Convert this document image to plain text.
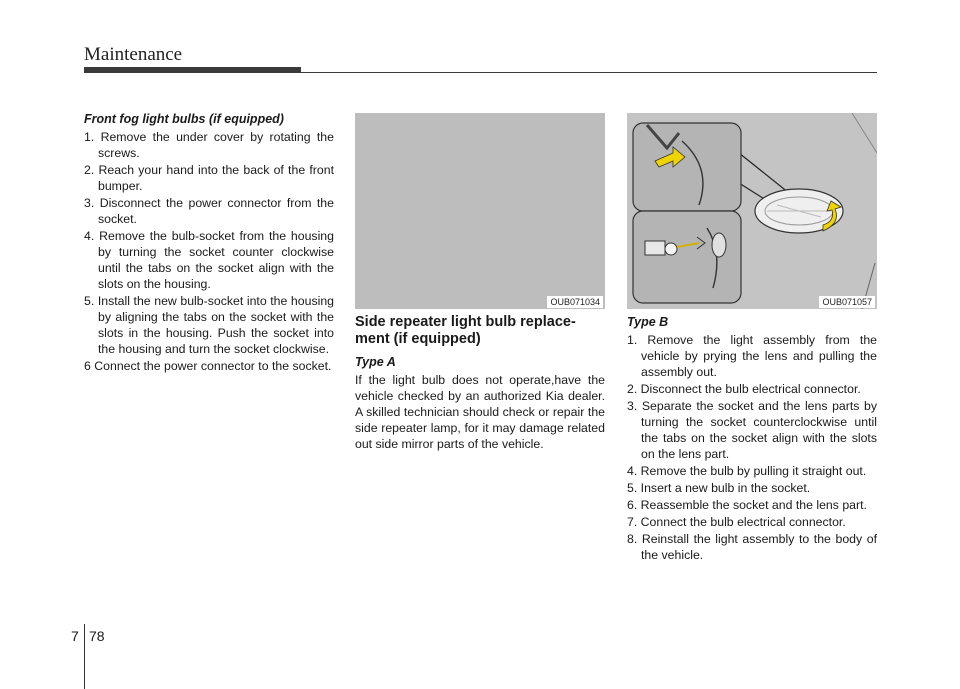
Maintenance
Front fog light bulbs (if equipped)
1. Remove the under cover by rotating the screws.
2. Reach your hand into the back of the front bumper.
3. Disconnect the power connector from the socket.
4. Remove the bulb-socket from the housing by turning the socket counter clockwise until the tabs on the socket align with the slots on the housing.
5. Install the new bulb-socket into the housing by aligning the tabs on the socket with the slots in the housing. Push the socket into the housing and turn the socket clockwise.
6 Connect the power connector to the socket.
OUB071034	OUB071057
Side repeater light bulb replace-ment (if equipped)
Type A

If the light bulb does not operate,have the vehicle checked by an authorized Kia dealer. A skilled technician should check or repair the side repeater lamp, for it may damage related out side mirror parts of the vehicle.

Type B
1. Remove the light assembly from the vehicle by prying the lens and pulling the assembly out.
2. Disconnect the bulb electrical connector.
3. Separate the socket and the lens parts by turning the socket counterclockwise until the tabs on the socket align with the slots on the lens part.
4. Remove the bulb by pulling it straight out.
5. Insert a new bulb in the socket.
6. Reassemble the socket and the lens part.
7. Connect the bulb electrical connector.
8. Reinstall the light assembly to the body of the vehicle.
7 78
